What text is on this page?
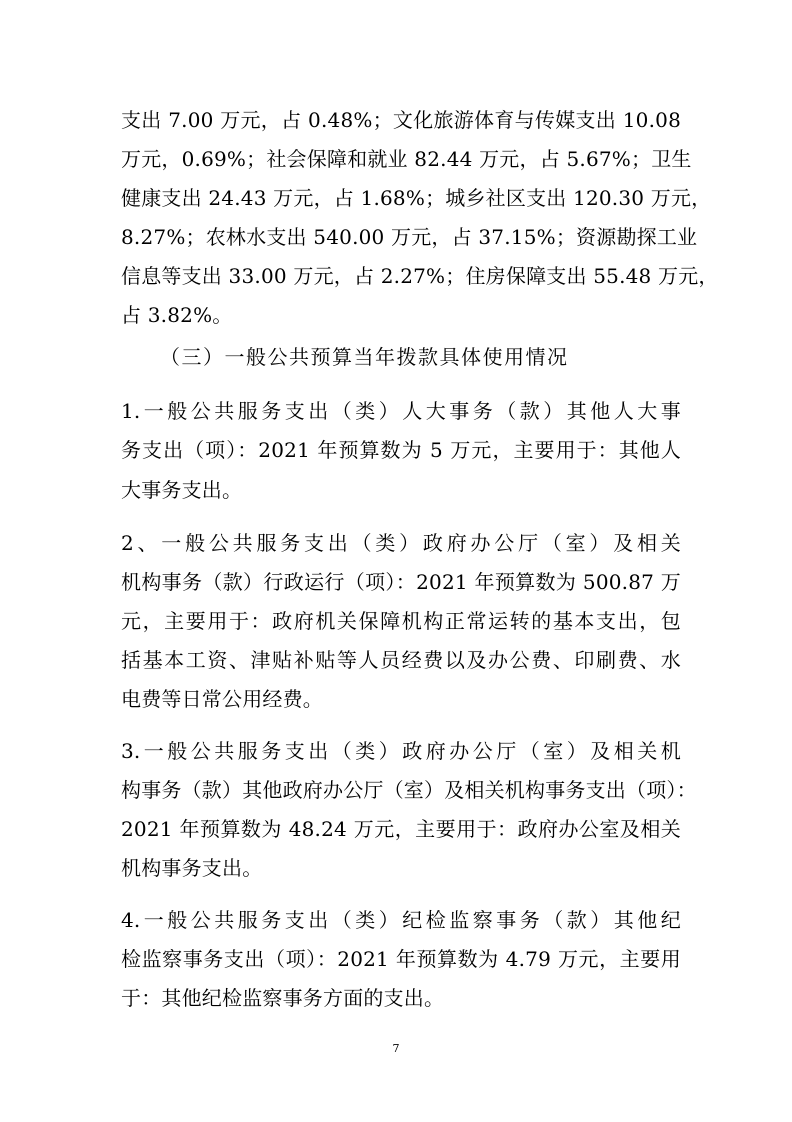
支出 7.00 万元，占 0.48%；文化旅游体育与传媒支出 10.08
万元，0.69%；社会保障和就业 82.44 万元，占 5.67%；卫生
健康支出 24.43 万元，占 1.68%；城乡社区支出 120.30 万元，
8.27%；农林水支出 540.00 万元，占 37.15%；资源勘探工业
信息等支出 33.00 万元，占 2.27%；住房保障支出 55.48 万元，
占 3.82%。
（三）一般公共预算当年拨款具体使用情况
1.一般公共服务支出（类）人大事务（款）其他人大事
务支出（项）：2021 年预算数为 5 万元，主要用于：其他人
大事务支出。
2、一般公共服务支出（类）政府办公厅（室）及相关
机构事务（款）行政运行（项）：2021 年预算数为 500.87 万
元，主要用于：政府机关保障机构正常运转的基本支出，包
括基本工资、津贴补贴等人员经费以及办公费、印刷费、水
电费等日常公用经费。
3.一般公共服务支出（类）政府办公厅（室）及相关机
构事务（款）其他政府办公厅（室）及相关机构事务支出（项）：
2021 年预算数为 48.24 万元，主要用于：政府办公室及相关
机构事务支出。
4.一般公共服务支出（类）纪检监察事务（款）其他纪
检监察事务支出（项）：2021 年预算数为 4.79 万元，主要用
于：其他纪检监察事务方面的支出。
7
